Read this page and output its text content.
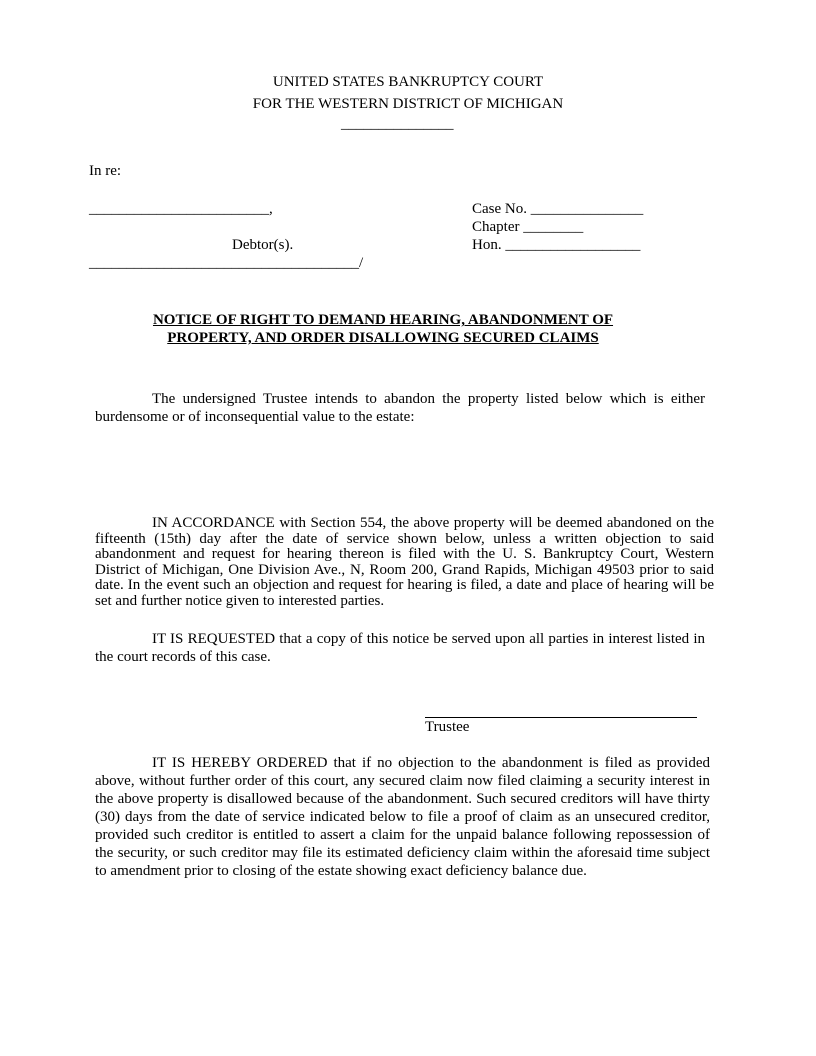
UNITED STATES BANKRUPTCY COURT
FOR THE WESTERN DISTRICT OF MICHIGAN
_______________
In re:
________________________,
Debtor(s).
____________________________________/
Case No. _______________
Chapter ________
Hon. __________________
NOTICE OF RIGHT TO DEMAND HEARING, ABANDONMENT OF
PROPERTY, AND ORDER DISALLOWING SECURED CLAIMS
The undersigned Trustee intends to abandon the property listed below which is either burdensome or of inconsequential value to the estate:
IN ACCORDANCE with Section 554, the above property will be deemed abandoned on the fifteenth (15th) day after the date of service shown below, unless a written objection to said abandonment and request for hearing thereon is filed with the U. S. Bankruptcy Court, Western District of Michigan, One Division Ave., N, Room 200, Grand Rapids, Michigan 49503 prior to said date. In the event such an objection and request for hearing is filed, a date and place of hearing will be set and further notice given to interested parties.
IT IS REQUESTED that a copy of this notice be served upon all parties in interest listed in the court records of this case.
Trustee
IT IS HEREBY ORDERED that if no objection to the abandonment is filed as provided above, without further order of this court, any secured claim now filed claiming a security interest in the above property is disallowed because of the abandonment. Such secured creditors will have thirty (30) days from the date of service indicated below to file a proof of claim as an unsecured creditor, provided such creditor is entitled to assert a claim for the unpaid balance following repossession of the security, or such creditor may file its estimated deficiency claim within the aforesaid time subject to amendment prior to closing of the estate showing exact deficiency balance due.
